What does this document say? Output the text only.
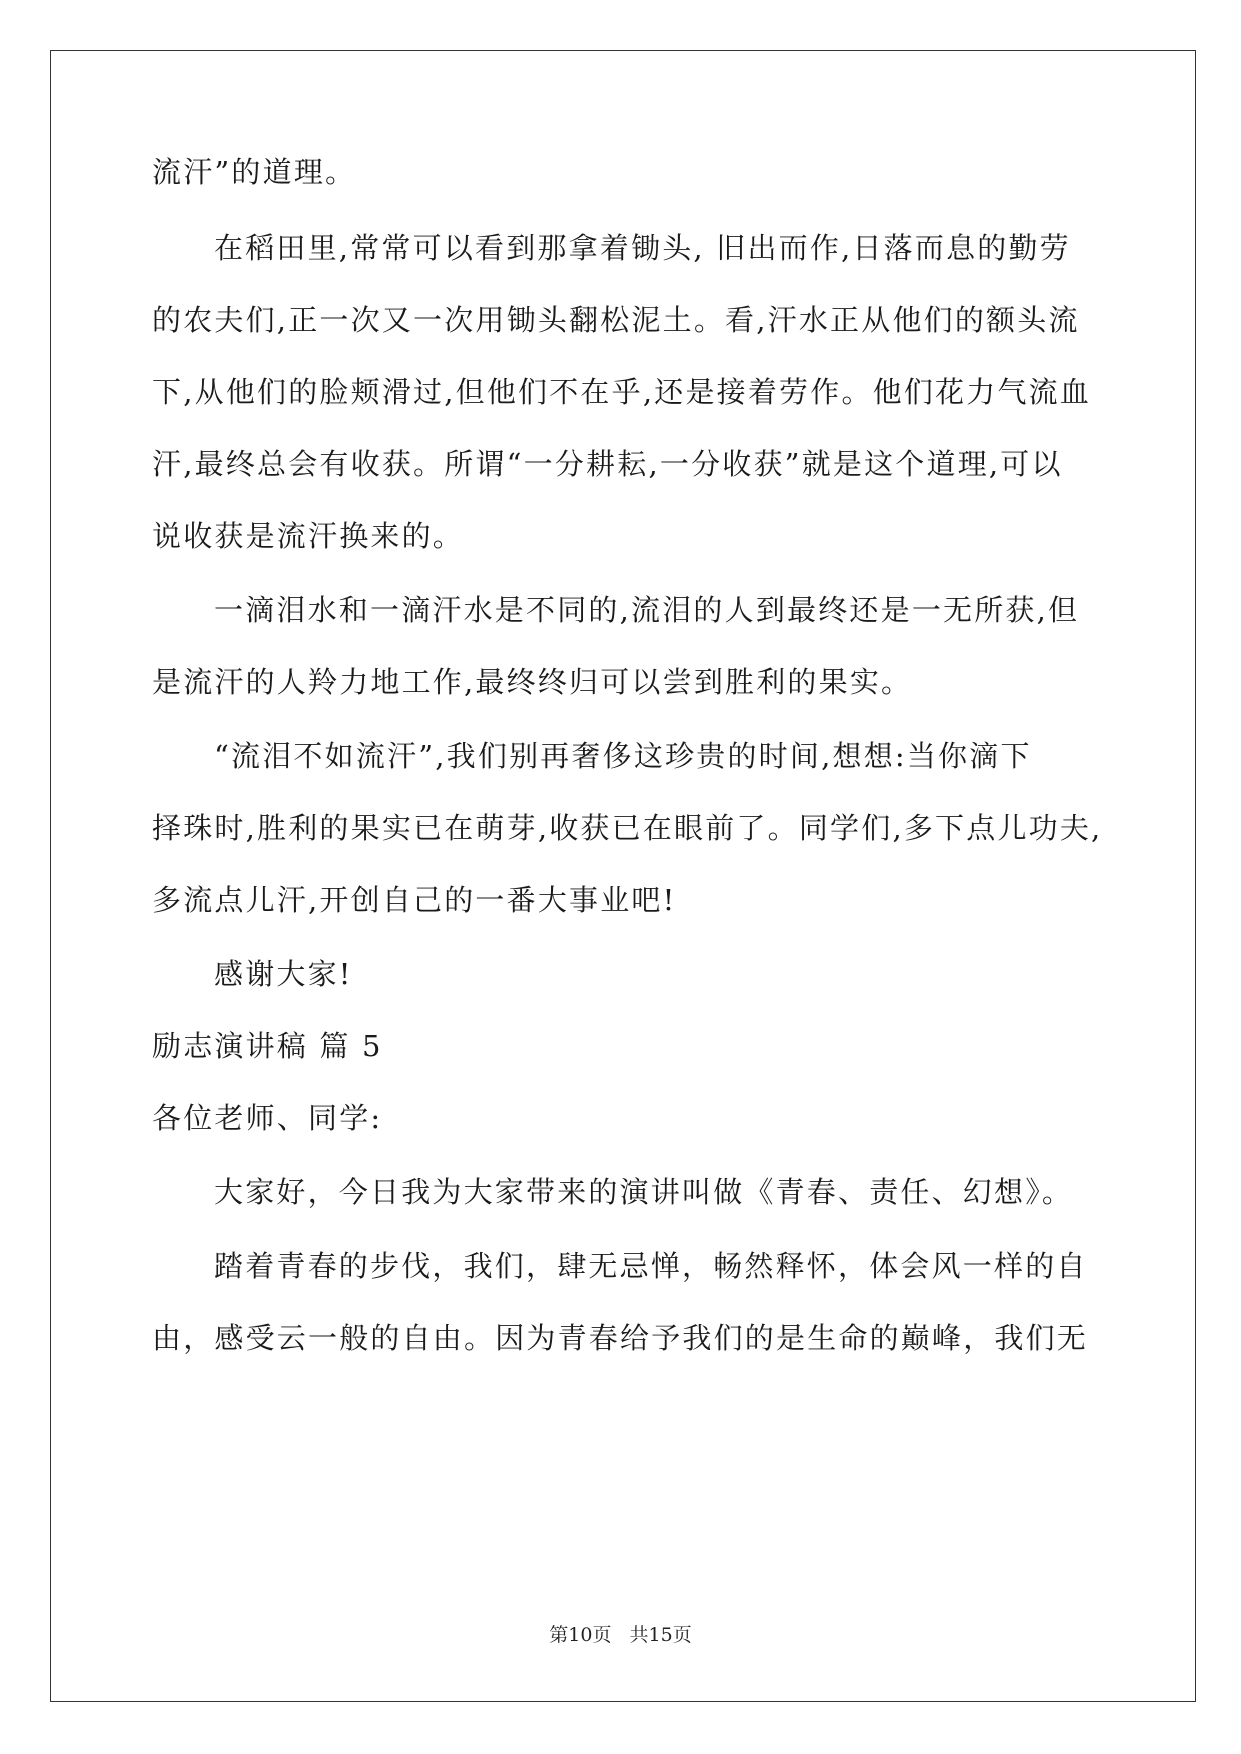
流汗”的道理。
在稻田里,常常可以看到那拿着锄头, 旧出而作,日落而息的勤劳
的农夫们,正一次又一次用锄头翻松泥土。看,汗水正从他们的额头流
下,从他们的脸颊滑过,但他们不在乎,还是接着劳作。他们花力气流血
汗,最终总会有收获。所谓“一分耕耘,一分收获”就是这个道理,可以
说收获是流汗换来的。
一滴泪水和一滴汗水是不同的,流泪的人到最终还是一无所获,但
是流汗的人羚力地工作,最终终归可以尝到胜利的果实。
“流泪不如流汗”,我们别再奢侈这珍贵的时间,想想:当你滴下
择珠时,胜利的果实已在萌芽,收获已在眼前了。同学们,多下点儿功夫,
多流点儿汗,开创自己的一番大事业吧!
感谢大家!
励志演讲稿 篇 5
各位老师、同学:
大家好，今日我为大家带来的演讲叫做《青春、责任、幻想》。
踏着青春的步伐，我们，肆无忌惮，畅然释怀，体会风一样的自
由，感受云一般的自由。因为青春给予我们的是生命的巅峰，我们无
第10页 共15页
